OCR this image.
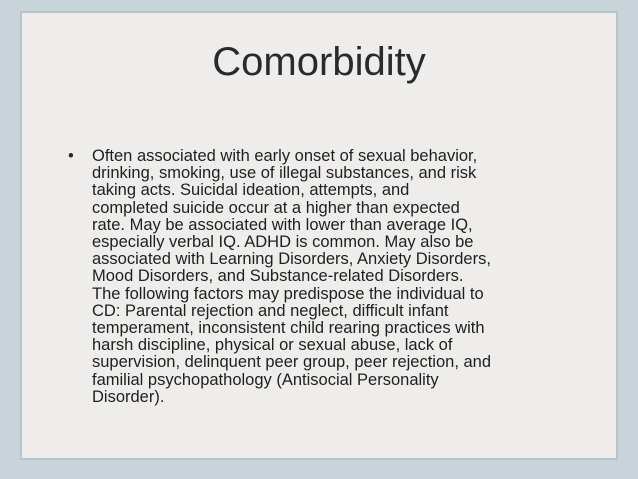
Comorbidity
•	Often associated with early onset of sexual behavior,
drinking, smoking, use of illegal substances, and risk
taking acts. Suicidal ideation, attempts, and
completed suicide occur at a higher than expected
rate. May be associated with lower than average IQ,
especially verbal IQ. ADHD is common. May also be
associated with Learning Disorders, Anxiety Disorders,
Mood Disorders, and Substance-related Disorders.
The following factors may predispose the individual to
CD: Parental rejection and neglect, difficult infant
temperament, inconsistent child rearing practices with
harsh discipline, physical or sexual abuse, lack of
supervision, delinquent peer group, peer rejection, and
familial psychopathology (Antisocial Personality
Disorder).
